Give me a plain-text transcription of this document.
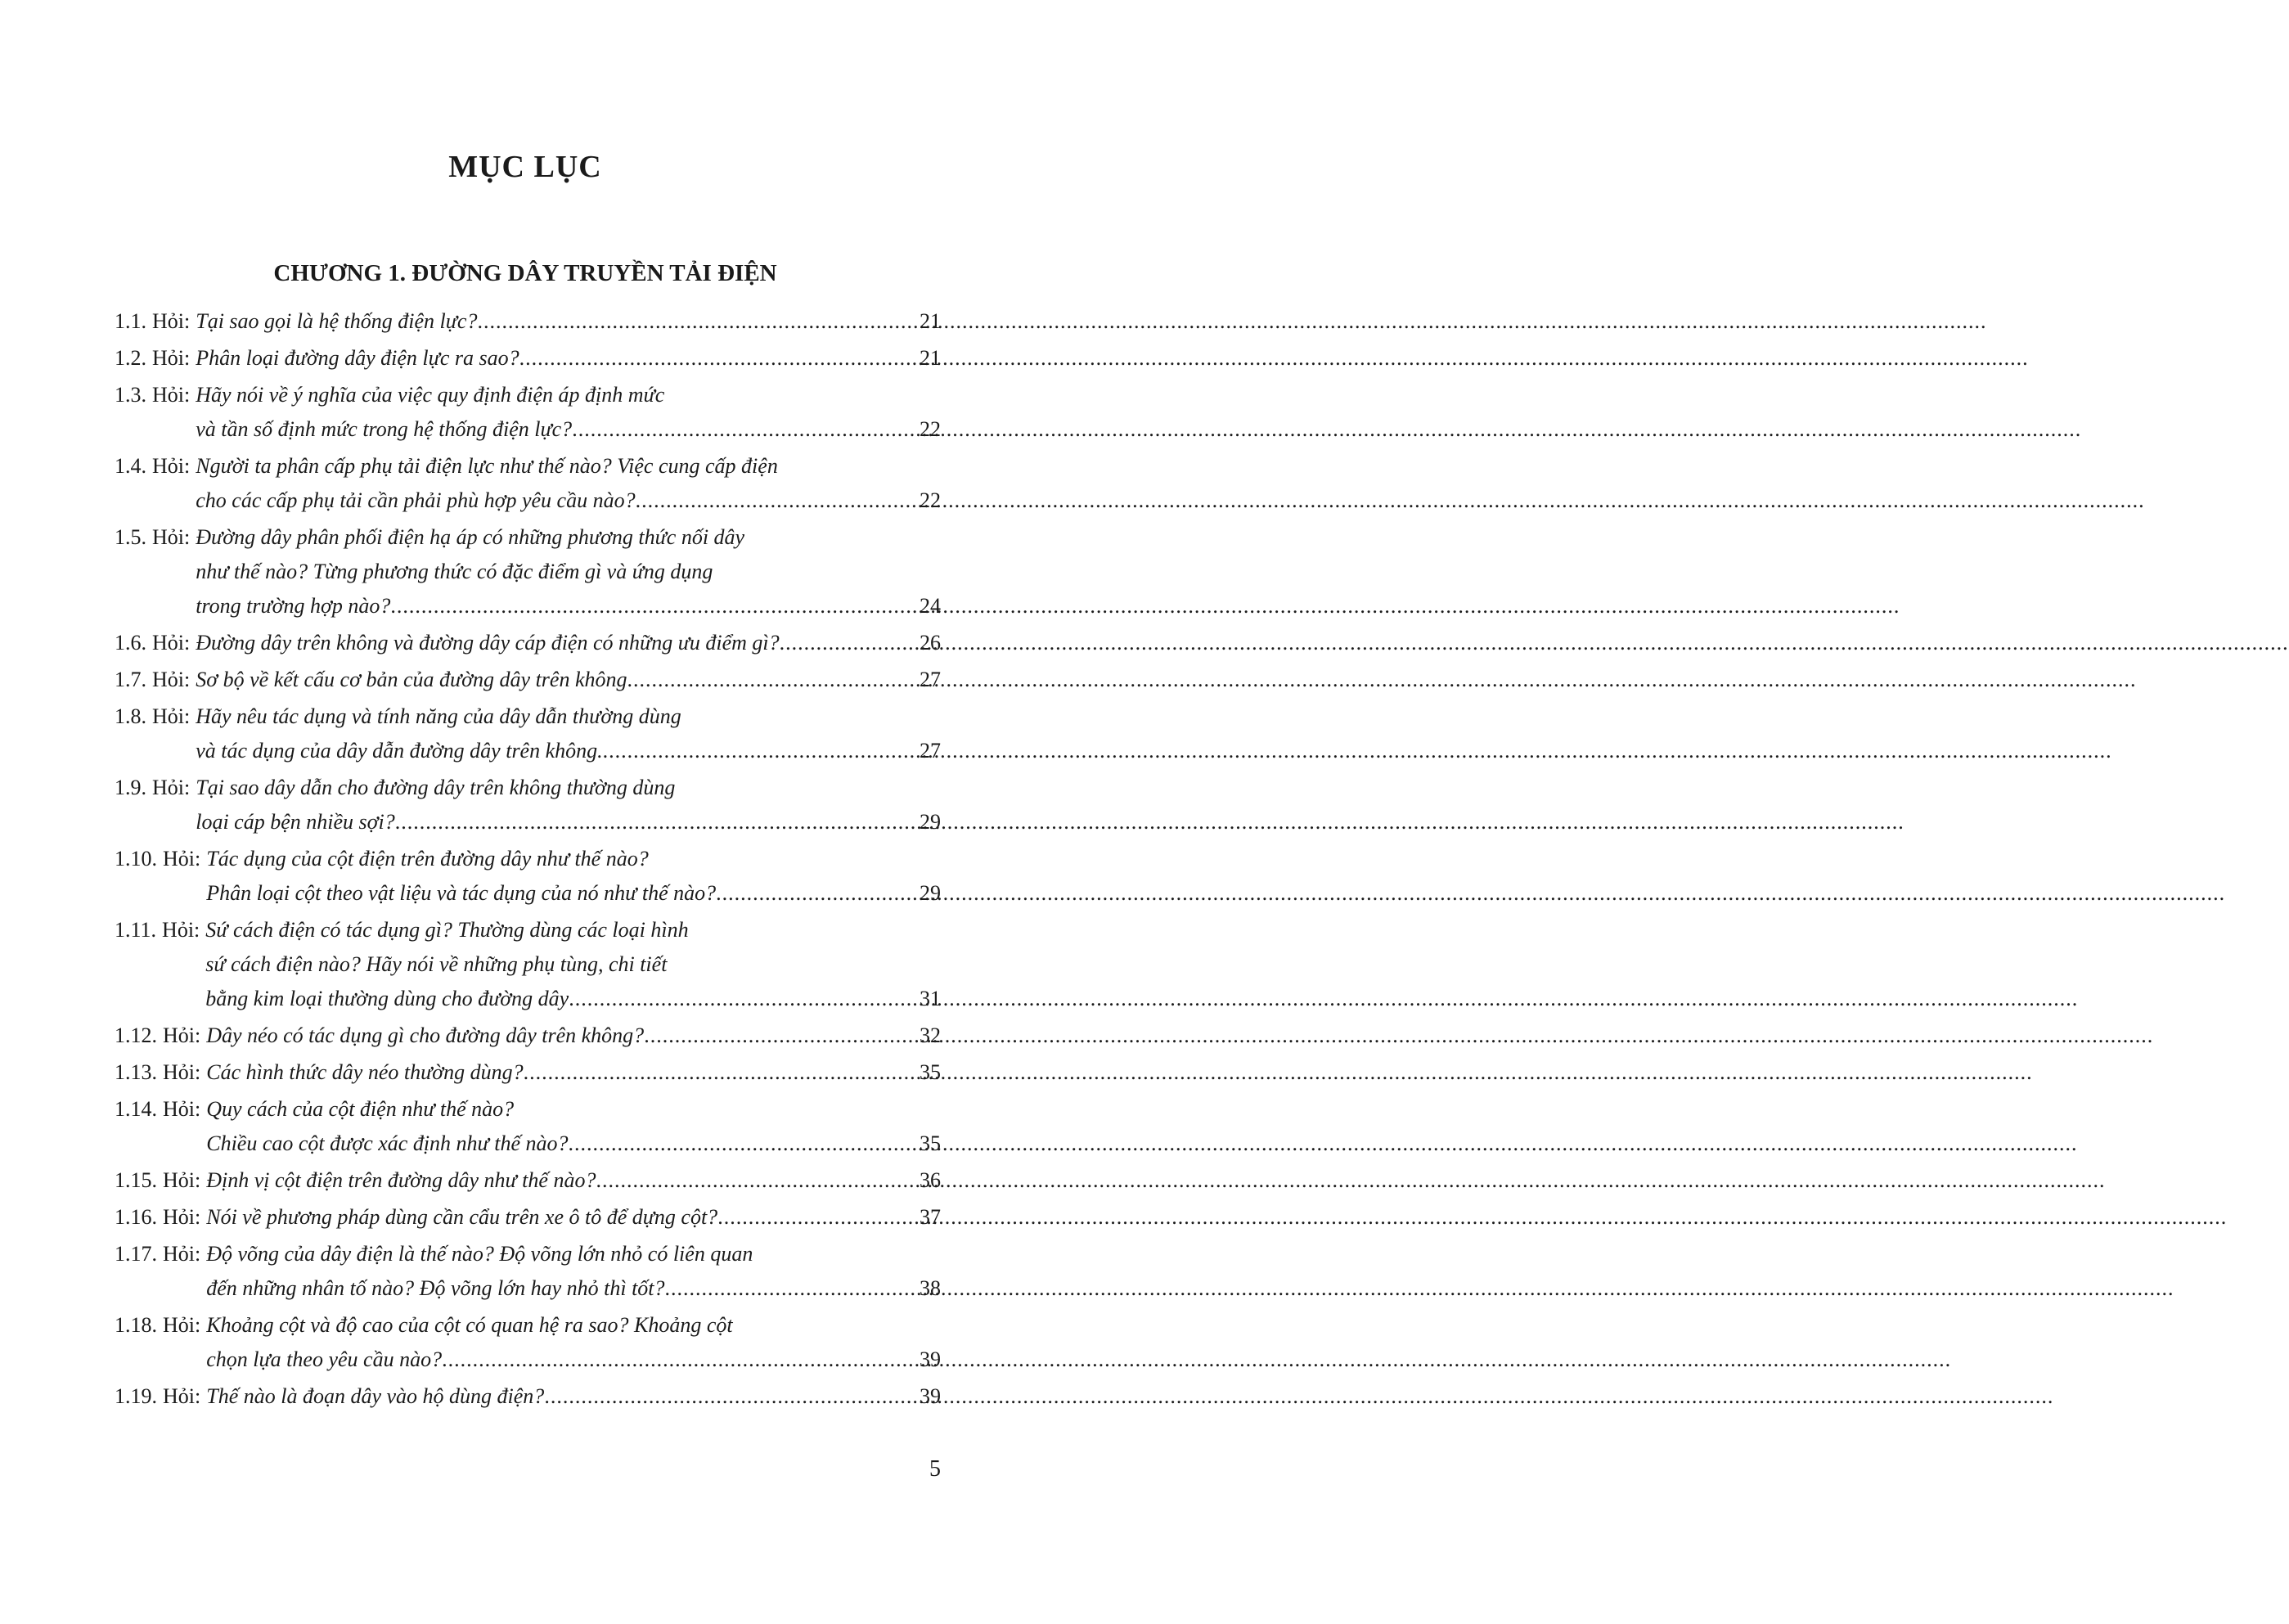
MỤC LỤC
CHƯƠNG 1. ĐƯỜNG DÂY TRUYỀN TẢI ĐIỆN
1.1. Hỏi: Tại sao gọi là hệ thống điện lực? .....	21
1.2. Hỏi: Phân loại đường dây điện lực ra sao? .....	21
1.3. Hỏi: Hãy nói về ý nghĩa của việc quy định điện áp định mức
và tần số định mức trong hệ thống điện lực? .....	22
1.4. Hỏi: Người ta phân cấp phụ tải điện lực như thế nào? Việc cung cấp điện
cho các cấp phụ tải cần phải phù hợp yêu cầu nào? .....	22
1.5. Hỏi: Đường dây phân phối điện hạ áp có những phương thức nối dây
như thế nào? Từng phương thức có đặc điểm gì và ứng dụng
trong trường hợp nào? .....	24
1.6. Hỏi: Đường dây trên không và đường dây cáp điện có những ưu điểm gì? .....	26
1.7. Hỏi: Sơ bộ về kết cấu cơ bản của đường dây trên không .....	27
1.8. Hỏi: Hãy nêu tác dụng và tính năng của dây dẫn thường dùng
và tác dụng của dây dẫn đường dây trên không. .....	27
1.9. Hỏi: Tại sao dây dẫn cho đường dây trên không thường dùng
loại cáp bện nhiều sợi? .....	29
1.10. Hỏi: Tác dụng của cột điện trên đường dây như thế nào?
Phân loại cột theo vật liệu và tác dụng của nó như thế nào? .....	29
1.11. Hỏi: Sứ cách điện có tác dụng gì? Thường dùng các loại hình
sứ cách điện nào? Hãy nói về những phụ tùng, chi tiết
bằng kim loại thường dùng cho đường dây .....	31
1.12. Hỏi: Dây néo có tác dụng gì cho đường dây trên không? .....	32
1.13. Hỏi: Các hình thức dây néo thường dùng? .....	35
1.14. Hỏi: Quy cách của cột điện như thế nào?
Chiều cao cột được xác định như thế nào? .....	35
1.15. Hỏi: Định vị cột điện trên đường dây như thế nào? .....	36
1.16. Hỏi: Nói về phương pháp dùng cần cẩu trên xe ô tô để dựng cột? .....	37
1.17. Hỏi: Độ võng của dây điện là thế nào? Độ võng lớn nhỏ có liên quan
đến những nhân tố nào? Độ võng lớn hay nhỏ thì tốt? .....	38
1.18. Hỏi: Khoảng cột và độ cao của cột có quan hệ ra sao? Khoảng cột
chọn lựa theo yêu cầu nào? .....	39
1.19. Hỏi: Thế nào là đoạn dây vào hộ dùng điện? .....	39
5
